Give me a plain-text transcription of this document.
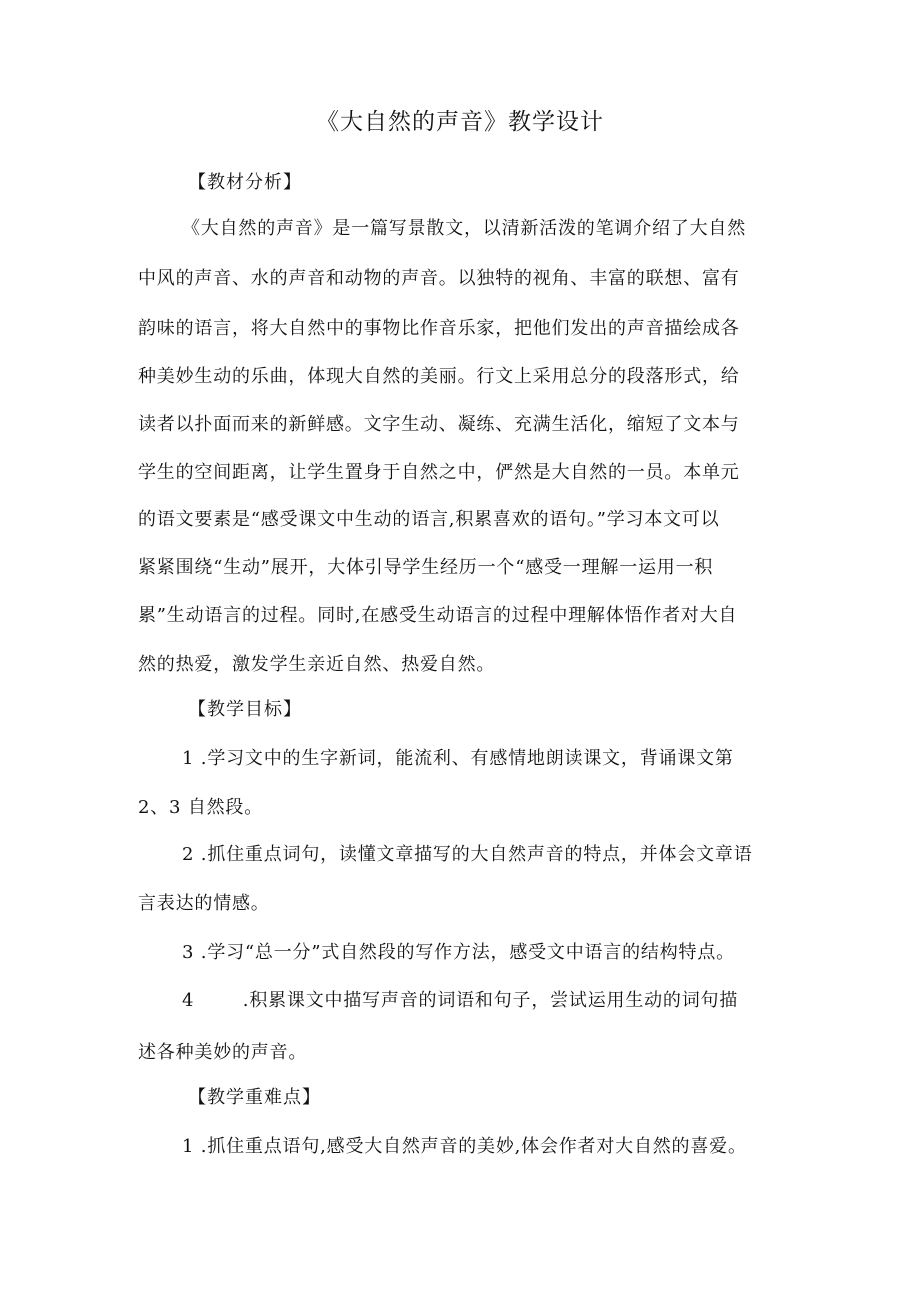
《大自然的声音》教学设计
【教材分析】
《大自然的声音》是一篇写景散文，以清新活泼的笔调介绍了大自然
中风的声音、水的声音和动物的声音。以独特的视角、丰富的联想、富有
韵味的语言，将大自然中的事物比作音乐家，把他们发出的声音描绘成各
种美妙生动的乐曲，体现大自然的美丽。行文上采用总分的段落形式，给
读者以扑面而来的新鲜感。文字生动、凝练、充满生活化，缩短了文本与
学生的空间距离，让学生置身于自然之中，俨然是大自然的一员。本单元
的语文要素是“感受课文中生动的语言,积累喜欢的语句。”学习本文可以
紧紧围绕“生动”展开，大体引导学生经历一个“感受一理解一运用一积
累”生动语言的过程。同时,在感受生动语言的过程中理解体悟作者对大自
然的热爱，激发学生亲近自然、热爱自然。
【教学目标】
1 .学习文中的生字新词，能流利、有感情地朗读课文，背诵课文第
2、3 自然段。
2 .抓住重点词句，读懂文章描写的大自然声音的特点，并体会文章语
言表达的情感。
3 .学习“总一分”式自然段的写作方法，感受文中语言的结构特点。
4	.积累课文中描写声音的词语和句子，尝试运用生动的词句描
述各种美妙的声音。
【教学重难点】
1 .抓住重点语句,感受大自然声音的美妙,体会作者对大自然的喜爱。
